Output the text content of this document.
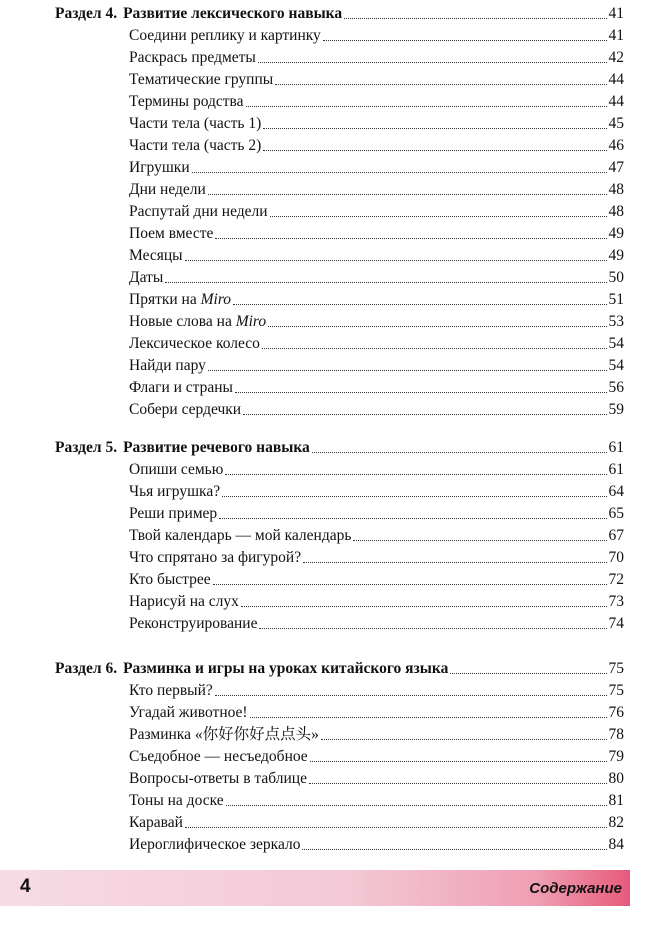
Раздел 4. Развитие лексического навыка	41
Соедини реплику и картинку	41
Раскрась предметы	42
Тематические группы	44
Термины родства	44
Части тела (часть 1)	45
Части тела (часть 2)	46
Игрушки	47
Дни недели	48
Распутай дни недели	48
Поем вместе	49
Месяцы	49
Даты	50
Прятки на Miro	51
Новые слова на Miro	53
Лексическое колесо	54
Найди пару	54
Флаги и страны	56
Собери сердечки	59
Раздел 5. Развитие речевого навыка	61
Опиши семью	61
Чья игрушка?	64
Реши пример	65
Твой календарь — мой календарь	67
Что спрятано за фигурой?	70
Кто быстрее	72
Нарисуй на слух	73
Реконструирование	74
Раздел 6. Разминка и игры на уроках китайского языка	75
Кто первый?	75
Угадай животное!	76
Разминка «你好你好点点头»	78
Съедобное — несъедобное	79
Вопросы-ответы в таблице	80
Тоны на доске	81
Каравай	82
Иероглифическое зеркало	84
4	Содержание
